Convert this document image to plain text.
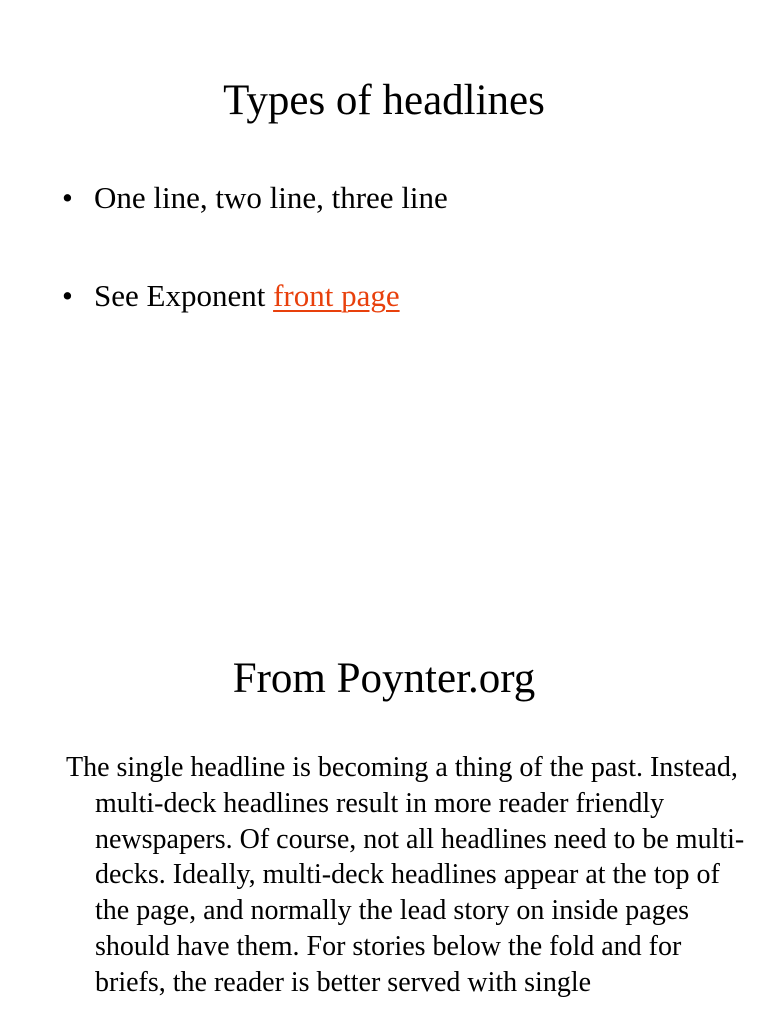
Types of headlines
• One line, two line, three line
• See Exponent front page
From Poynter.org

The single headline is becoming a thing of the past. Instead, multi-deck headlines result in more reader friendly newspapers. Of course, not all headlines need to be multi-decks. Ideally, multi-deck headlines appear at the top of the page, and normally the lead story on inside pages should have them. For stories below the fold and for briefs, the reader is better served with single
